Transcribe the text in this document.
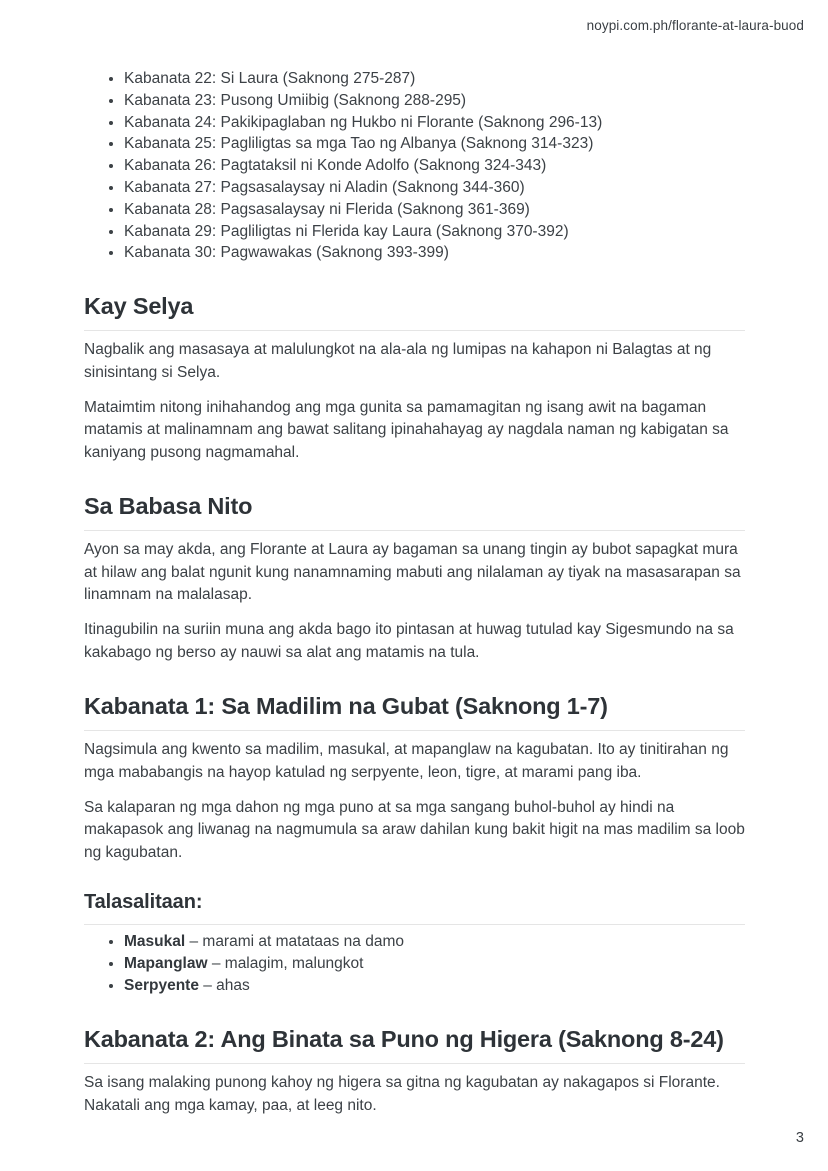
noypi.com.ph/florante-at-laura-buod
• Kabanata 22: Si Laura (Saknong 275-287)
• Kabanata 23: Pusong Umiibig (Saknong 288-295)
• Kabanata 24: Pakikipaglaban ng Hukbo ni Florante (Saknong 296-13)
• Kabanata 25: Pagliligtas sa mga Tao ng Albanya (Saknong 314-323)
• Kabanata 26: Pagtataksil ni Konde Adolfo (Saknong 324-343)
• Kabanata 27: Pagsasalaysay ni Aladin (Saknong 344-360)
• Kabanata 28: Pagsasalaysay ni Flerida (Saknong 361-369)
• Kabanata 29: Pagliligtas ni Flerida kay Laura (Saknong 370-392)
• Kabanata 30: Pagwawakas (Saknong 393-399)
Kay Selya

Nagbalik ang masasaya at malulungkot na ala-ala ng lumipas na kahapon ni Balagtas at ng sinisintang si Selya.

Mataimtim nitong inihahandog ang mga gunita sa pamamagitan ng isang awit na bagaman matamis at malinamnam ang bawat salitang ipinahahayag ay nagdala naman ng kabigatan sa kaniyang pusong nagmamahal.

Sa Babasa Nito

Ayon sa may akda, ang Florante at Laura ay bagaman sa unang tingin ay bubot sapagkat mura at hilaw ang balat ngunit kung nanamnaming mabuti ang nilalaman ay tiyak na masasarapan sa linamnam na malalasap.

Itinagubilin na suriin muna ang akda bago ito pintasan at huwag tutulad kay Sigesmundo na sa kakabago ng berso ay nauwi sa alat ang matamis na tula.

Kabanata 1: Sa Madilim na Gubat (Saknong 1-7)

Nagsimula ang kwento sa madilim, masukal, at mapanglaw na kagubatan. Ito ay tinitirahan ng mga mababangis na hayop katulad ng serpyente, leon, tigre, at marami pang iba.

Sa kalaparan ng mga dahon ng mga puno at sa mga sangang buhol-buhol ay hindi na makapasok ang liwanag na nagmumula sa araw dahilan kung bakit higit na mas madilim sa loob ng kagubatan.

Talasalitaan:
• Masukal – marami at matataas na damo
• Mapanglaw – malagim, malungkot
• Serpyente – ahas
Kabanata 2: Ang Binata sa Puno ng Higera (Saknong 8-24)

Sa isang malaking punong kahoy ng higera sa gitna ng kagubatan ay nakagapos si Florante. Nakatali ang mga kamay, paa, at leeg nito.

3
